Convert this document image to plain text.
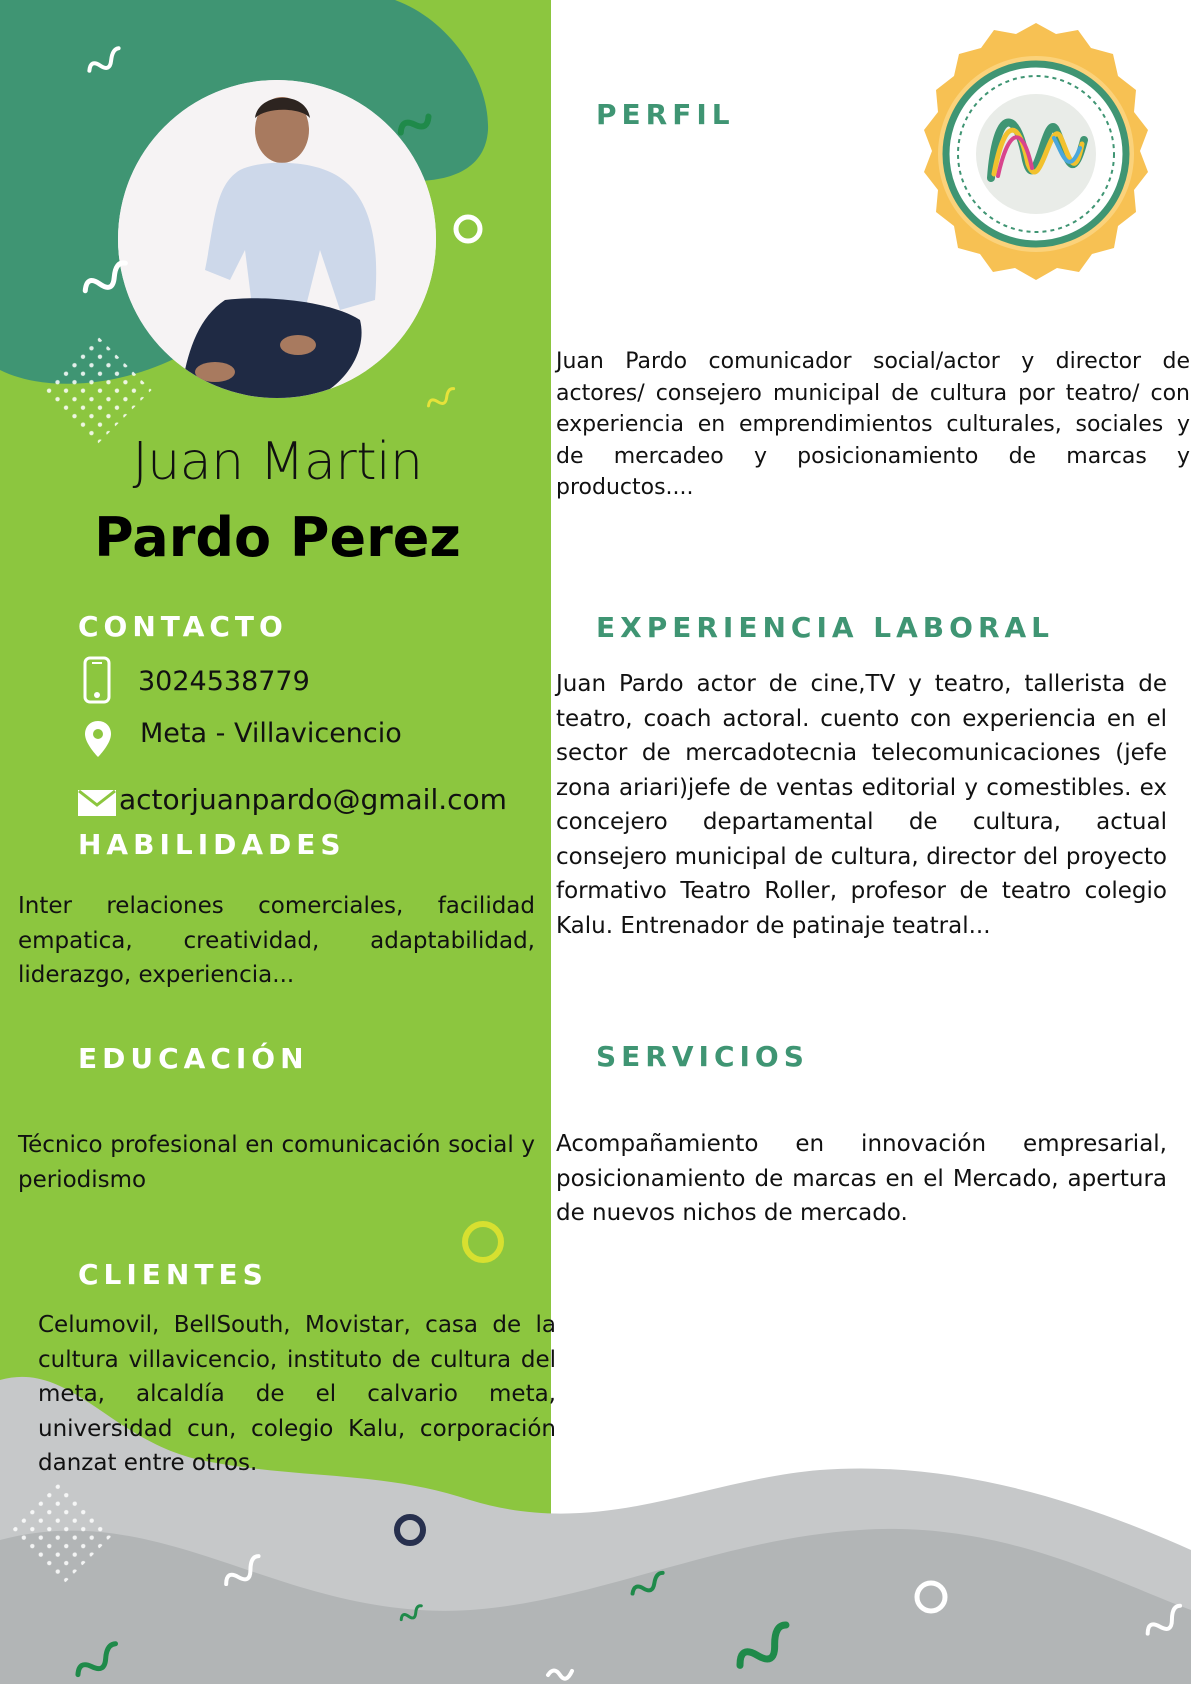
Juan Martin
Pardo Perez
CONTACTO
3024538779
Meta - Villavicencio
actorjuanpardo@gmail.com
HABILIDADES
Inter relaciones comerciales, facilidad empatica, creatividad, adaptabilidad, liderazgo, experiencia...
EDUCACIÓN
Técnico profesional en comunicación social y periodismo
CLIENTES
Celumovil, BellSouth, Movistar, casa de la cultura villavicencio, instituto de cultura del meta, alcaldía de el calvario meta, universidad cun, colegio Kalu, corporación danzat entre otros.
PERFIL
Juan Pardo comunicador social/actor y director de actores/ consejero municipal de cultura por teatro/ con experiencia en emprendimientos culturales, sociales y de mercadeo y posicionamiento de marcas y productos....
EXPERIENCIA LABORAL
Juan Pardo actor de cine,TV y teatro, tallerista de teatro, coach actoral. cuento con experiencia en el sector de mercadotecnia telecomunicaciones (jefe zona ariari)jefe de ventas editorial y comestibles. ex concejero departamental de cultura, actual consejero municipal de cultura, director del proyecto formativo Teatro Roller, profesor de teatro colegio Kalu. Entrenador de patinaje teatral...
SERVICIOS
Acompañamiento en innovación empresarial, posicionamiento de marcas en el Mercado, apertura de nuevos nichos de mercado.
